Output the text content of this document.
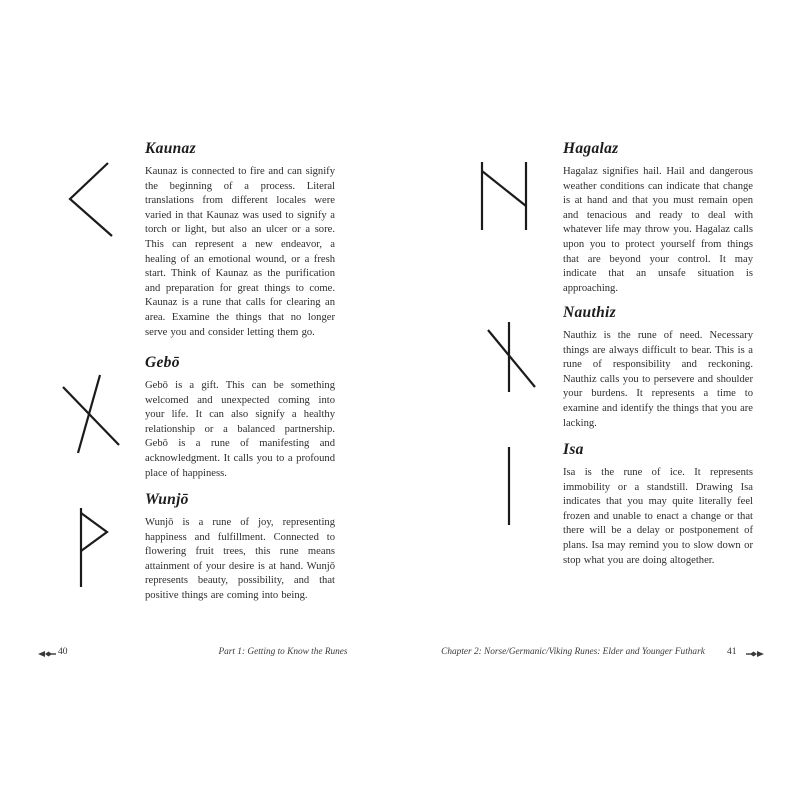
Kaunaz

Kaunaz is connected to fire and can signify the beginning of a process. Literal translations from different locales were varied in that Kaunaz was used to signify a torch or light, but also an ulcer or a sore. This can represent a new endeavor, a healing of an emotional wound, or a fresh start. Think of Kaunaz as the purification and preparation for great things to come. Kaunaz is a rune that calls for clearing an area. Examine the things that no longer serve you and consider letting them go.

Gebō

Gebō is a gift. This can be something welcomed and unexpected coming into your life. It can also signify a healthy relationship or a balanced partnership. Gebō is a rune of manifesting and acknowledgment. It calls you to a profound place of happiness.

Wunjō

Wunjō is a rune of joy, representing happiness and fulfillment. Connected to flowering fruit trees, this rune means attainment of your desire is at hand. Wunjō represents beauty, possibility, and that positive things are coming into being.

Hagalaz

Hagalaz signifies hail. Hail and dangerous weather conditions can indicate that change is at hand and that you must remain open and tenacious and ready to deal with whatever life may throw you. Hagalaz calls upon you to protect yourself from things that are beyond your control. It may indicate that an unsafe situation is approaching.

Nauthiz

Nauthiz is the rune of need. Necessary things are always difficult to bear. This is a rune of responsibility and reckoning. Nauthiz calls you to persevere and shoulder your burdens. It represents a time to examine and identify the things that you are lacking.

Isa

Isa is the rune of ice. It represents immobility or a standstill. Drawing Isa indicates that you may quite literally feel frozen and unable to enact a change or that there will be a delay or postponement of plans. Isa may remind you to slow down or stop what you are doing altogether.

40	Part 1: Getting to Know the Runes	Chapter 2: Norse/Germanic/Viking Runes: Elder and Younger Futhark 41
